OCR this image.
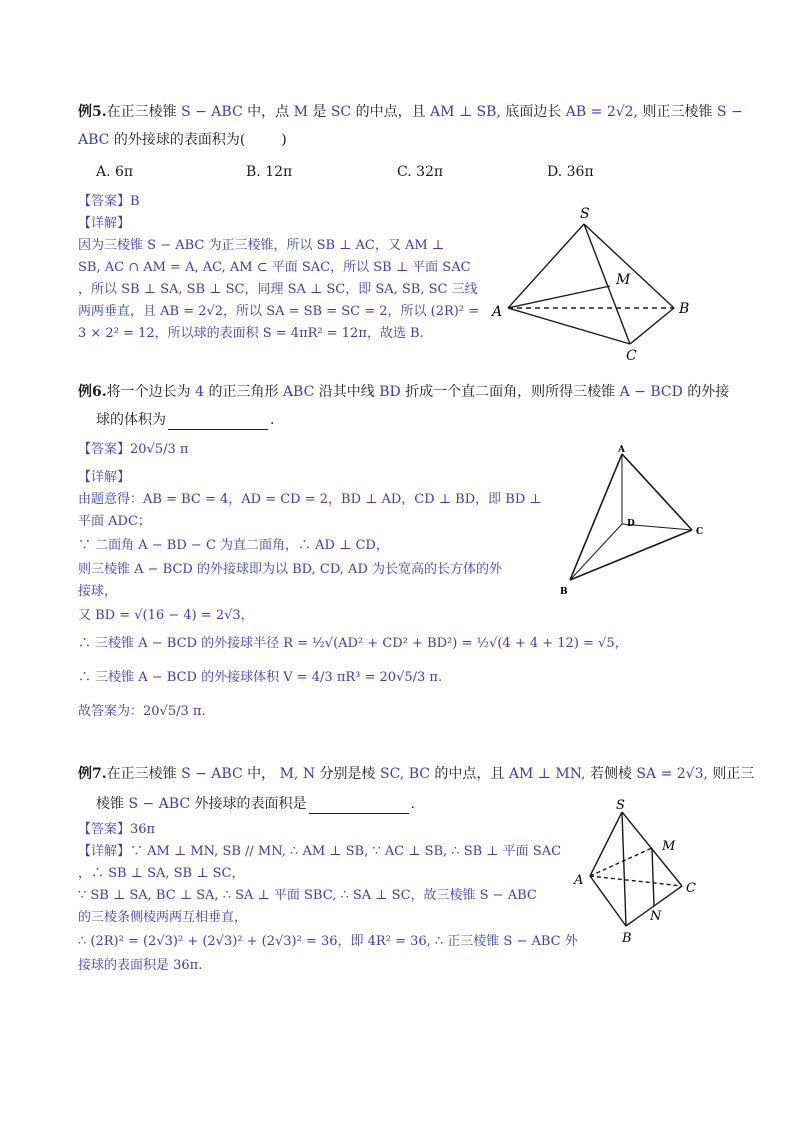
例5.在正三棱锥 S − ABC 中，点 M 是 SC 的中点，且 AM ⊥ SB, 底面边长 AB = 2√2, 则正三棱锥 S −
ABC 的外接球的表面积为(	)
A. 6π	B. 12π	C. 32π	D. 36π
【答案】B
【详解】
因为三棱锥 S − ABC 为正三棱锥，所以 SB ⊥ AC，又 AM ⊥
SB, AC ∩ AM = A, AC, AM ⊂ 平面 SAC，所以 SB ⊥ 平面 SAC
，所以 SB ⊥ SA, SB ⊥ SC，同理 SA ⊥ SC，即 SA, SB, SC 三线
两两垂直，且 AB = 2√2，所以 SA = SB = SC = 2，所以 (2R)² =
3 × 2² = 12，所以球的表面积 S = 4πR² = 12π，故选 B.
S
M
A	B
C
例6.将一个边长为 4 的正三角形 ABC 沿其中线 BD 折成一个直二面角，则所得三棱锥 A − BCD 的外接
球的体积为	.
【答案】20√5/3 π
【详解】
由题意得：AB = BC = 4，AD = CD = 2，BD ⊥ AD，CD ⊥ BD，即 BD ⊥
平面 ADC；
∵ 二面角 A − BD − C 为直二面角，∴ AD ⊥ CD，
则三棱锥 A − BCD 的外接球即为以 BD, CD, AD 为长宽高的长方体的外
接球，
又 BD = √(16 − 4) = 2√3，
∴ 三棱锥 A − BCD 的外接球半径 R = ½√(AD² + CD² + BD²) = ½√(4 + 4 + 12) = √5，
∴ 三棱锥 A − BCD 的外接球体积 V = 4/3 πR³ = 20√5/3 π.
故答案为：20√5/3 π.
A
D
C
B
例7.在正三棱锥 S − ABC 中， M, N 分别是棱 SC, BC 的中点，且 AM ⊥ MN, 若侧棱 SA = 2√3, 则正三
棱锥 S − ABC 外接球的表面积是	.
【答案】36π
【详解】∵ AM ⊥ MN, SB // MN, ∴ AM ⊥ SB, ∵ AC ⊥ SB, ∴ SB ⊥ 平面 SAC
，∴ SB ⊥ SA, SB ⊥ SC，
∵ SB ⊥ SA, BC ⊥ SA, ∴ SA ⊥ 平面 SBC, ∴ SA ⊥ SC，故三棱锥 S − ABC
的三棱条侧棱两两互相垂直，
∴ (2R)² = (2√3)² + (2√3)² + (2√3)² = 36，即 4R² = 36, ∴ 正三棱锥 S − ABC 外
接球的表面积是 36π.
S
M
A
C
N
B
